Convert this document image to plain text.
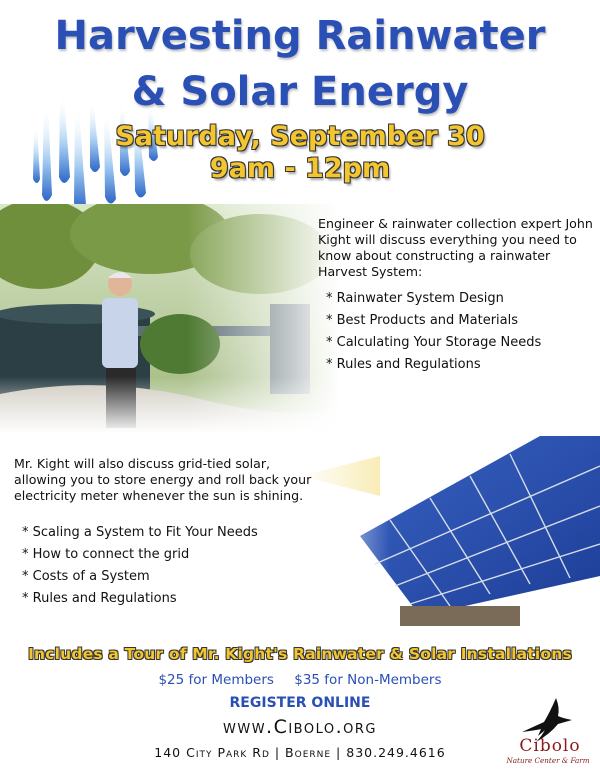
Harvesting Rainwater
& Solar Energy
Saturday, September 30
9am - 12pm

Engineer & rainwater collection expert John Kight will discuss everything you need to know about constructing a rainwater Harvest System:

* Rainwater System Design
* Best Products and Materials
* Calculating Your Storage Needs
* Rules and Regulations

Mr. Kight will also discuss grid-tied solar, allowing you to store energy and roll back your electricity meter whenever the sun is shining.

* Scaling a System to Fit Your Needs
* How to connect the grid
* Costs of a System
* Rules and Regulations
Includes a Tour of Mr. Kight's Rainwater & Solar Installations
$25 for Members $35 for Non-Members
REGISTER ONLINE
www.Cibolo.org
140 City Park Rd | Boerne | 830.249.4616	Cibolo
Nature Center & Farm
